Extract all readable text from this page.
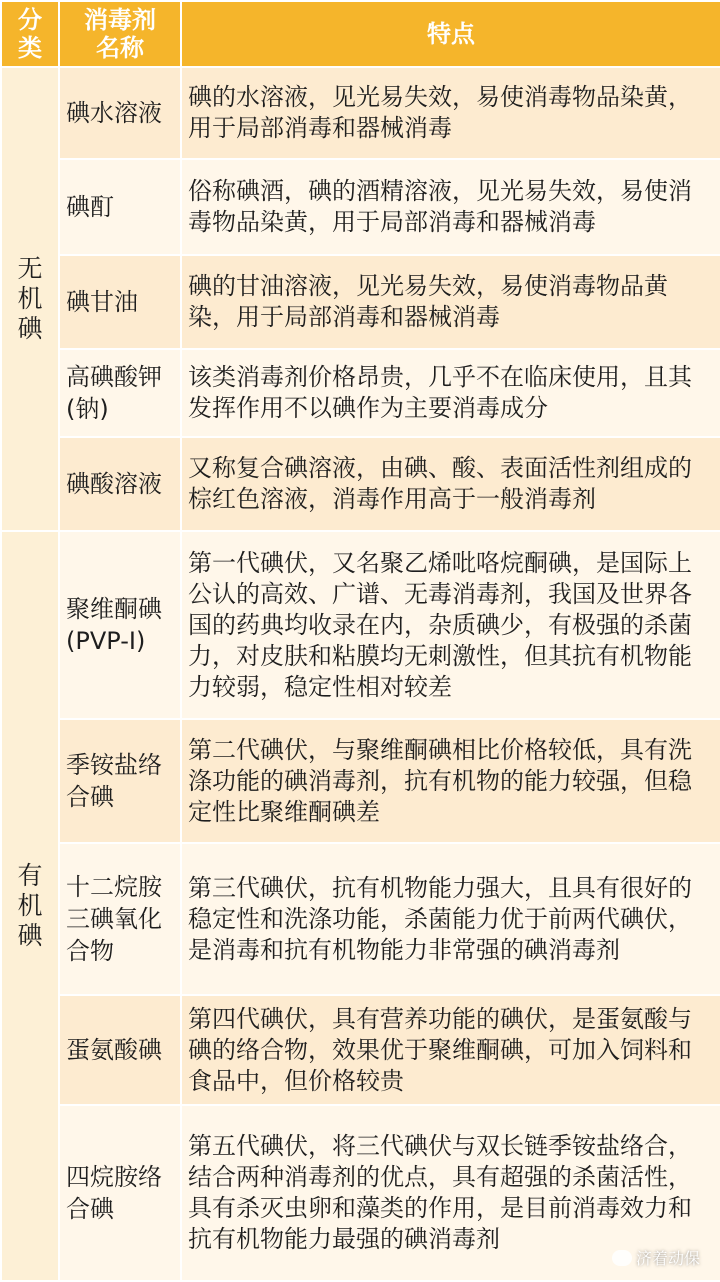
分类	消毒剂名称	特点

无机碘	碘水溶液	碘的水溶液，见光易失效，易使消毒物品染黄，用于局部消毒和器械消毒
	碘酊	俗称碘酒，碘的酒精溶液，见光易失效，易使消毒物品染黄，用于局部消毒和器械消毒
	碘甘油	碘的甘油溶液，见光易失效，易使消毒物品黄染，用于局部消毒和器械消毒
	高碘酸钾(钠)	该类消毒剂价格昂贵，几乎不在临床使用，且其发挥作用不以碘作为主要消毒成分
	碘酸溶液	又称复合碘溶液，由碘、酸、表面活性剂组成的棕红色溶液，消毒作用高于一般消毒剂

有机碘	聚维酮碘(PVP-I)	第一代碘伏，又名聚乙烯吡咯烷酮碘，是国际上公认的高效、广谱、无毒消毒剂，我国及世界各国的药典均收录在内，杂质碘少，有极强的杀菌力，对皮肤和粘膜均无刺激性，但其抗有机物能力较弱，稳定性相对较差
	季铵盐络合碘	第二代碘伏，与聚维酮碘相比价格较低，具有洗涤功能的碘消毒剂，抗有机物的能力较强，但稳定性比聚维酮碘差
	十二烷胺三碘氧化合物	第三代碘伏，抗有机物能力强大，且具有很好的稳定性和洗涤功能，杀菌能力优于前两代碘伏，是消毒和抗有机物能力非常强的碘消毒剂
	蛋氨酸碘	第四代碘伏，具有营养功能的碘伏，是蛋氨酸与碘的络合物，效果优于聚维酮碘，可加入饲料和食品中，但价格较贵
	四烷胺络合碘	第五代碘伏，将三代碘伏与双长链季铵盐络合，结合两种消毒剂的优点，具有超强的杀菌活性，具有杀灭虫卵和藻类的作用，是目前消毒效力和抗有机物能力最强的碘消毒剂
济着动保
